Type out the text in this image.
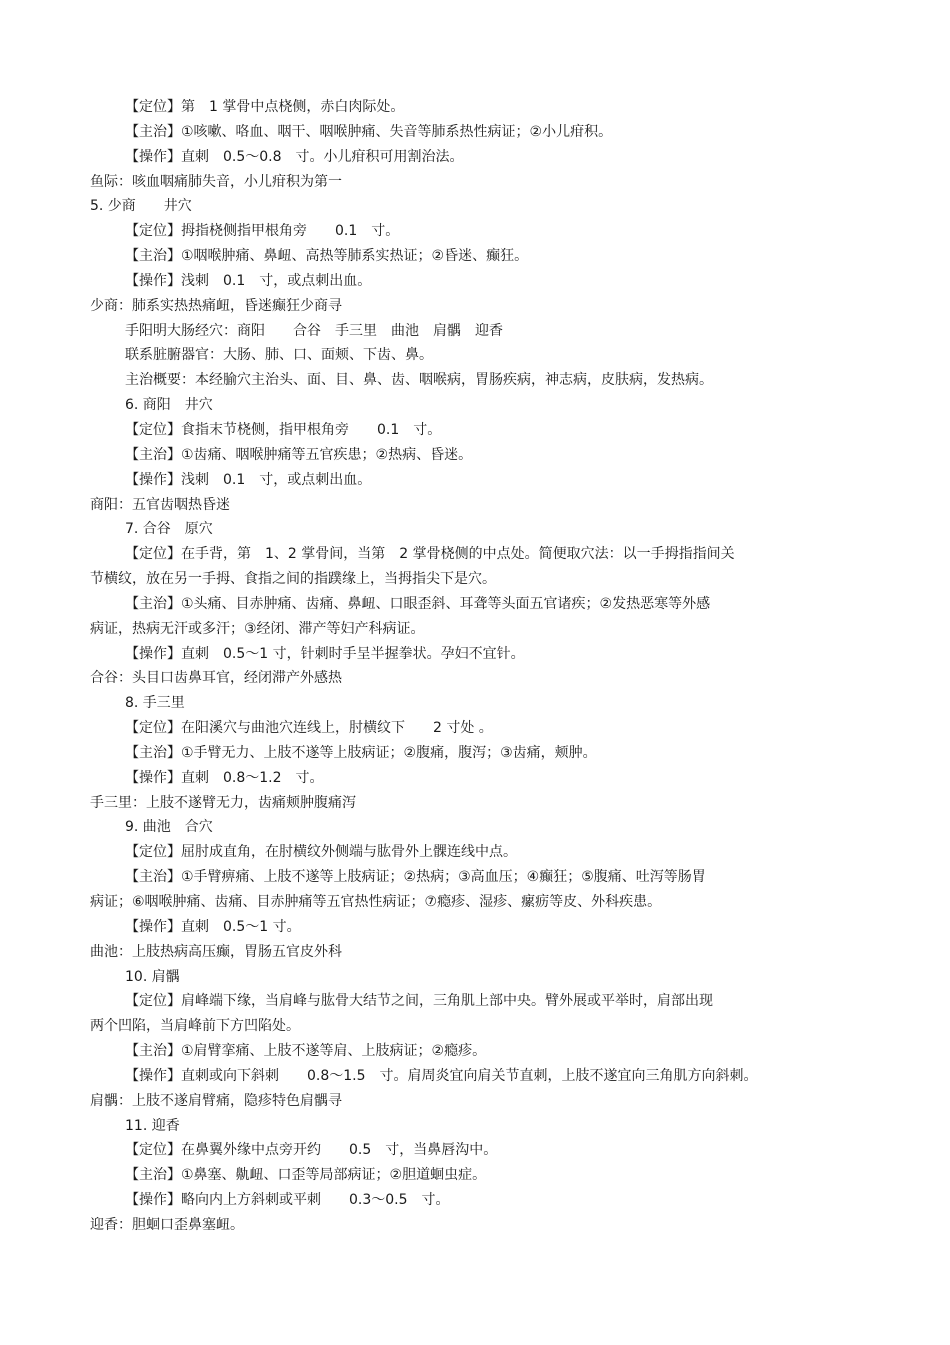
【定位】第　1 掌骨中点桡侧，赤白肉际处。
【主治】①咳嗽、咯血、咽干、咽喉肿痛、失音等肺系热性病证；②小儿疳积。
【操作】直刺　0.5～0.8　寸。小儿疳积可用割治法。
鱼际：咳血咽痛肺失音，小儿疳积为第一
5. 少商　　井穴
【定位】拇指桡侧指甲根角旁　　0.1　寸。
【主治】①咽喉肿痛、鼻衄、高热等肺系实热证；②昏迷、癫狂。
【操作】浅刺　0.1　寸，或点刺出血。
少商：肺系实热热痛衄，昏迷癫狂少商寻
手阳明大肠经穴：商阳　　合谷　手三里　曲池　肩髃　迎香
联系脏腑器官：大肠、肺、口、面颊、下齿、鼻。
主治概要：本经腧穴主治头、面、目、鼻、齿、咽喉病，胃肠疾病，神志病，皮肤病，发热病。
6. 商阳　井穴
【定位】食指末节桡侧，指甲根角旁　　0.1　寸。
【主治】①齿痛、咽喉肿痛等五官疾患；②热病、昏迷。
【操作】浅刺　0.1　寸，或点刺出血。
商阳：五官齿咽热昏迷
7. 合谷　原穴
【定位】在手背，第　1、2 掌骨间，当第　2 掌骨桡侧的中点处。简便取穴法：以一手拇指指间关
节横纹，放在另一手拇、食指之间的指蹼缘上，当拇指尖下是穴。
【主治】①头痛、目赤肿痛、齿痛、鼻衄、口眼歪斜、耳聋等头面五官诸疾；②发热恶寒等外感
病证，热病无汗或多汗；③经闭、滞产等妇产科病证。
【操作】直刺　0.5～1 寸，针刺时手呈半握拳状。孕妇不宜针。
合谷：头目口齿鼻耳官，经闭滞产外感热
8. 手三里
【定位】在阳溪穴与曲池穴连线上，肘横纹下　　2 寸处 。
【主治】①手臂无力、上肢不遂等上肢病证；②腹痛，腹泻；③齿痛，颊肿。
【操作】直刺　0.8～1.2　寸。
手三里：上肢不遂臂无力，齿痛颊肿腹痛泻
9. 曲池　合穴
【定位】屈肘成直角，在肘横纹外侧端与肱骨外上髁连线中点。
【主治】①手臂痹痛、上肢不遂等上肢病证；②热病；③高血压；④癫狂；⑤腹痛、吐泻等肠胃
病证；⑥咽喉肿痛、齿痛、目赤肿痛等五官热性病证；⑦瘾疹、湿疹、瘰疬等皮、外科疾患。
【操作】直刺　0.5～1 寸。
曲池：上肢热病高压癫，胃肠五官皮外科
10. 肩髃
【定位】肩峰端下缘，当肩峰与肱骨大结节之间，三角肌上部中央。臂外展或平举时，肩部出现
两个凹陷，当肩峰前下方凹陷处。
【主治】①肩臂挛痛、上肢不遂等肩、上肢病证；②瘾疹。
【操作】直刺或向下斜刺　　0.8～1.5　寸。肩周炎宜向肩关节直刺，上肢不遂宜向三角肌方向斜刺。
肩髃：上肢不遂肩臂痛，隐疹特色肩髃寻
11. 迎香
【定位】在鼻翼外缘中点旁开约　　0.5　寸，当鼻唇沟中。
【主治】①鼻塞、鼽衄、口歪等局部病证；②胆道蛔虫症。
【操作】略向内上方斜刺或平刺　　0.3～0.5　寸。
迎香：胆蛔口歪鼻塞衄。
